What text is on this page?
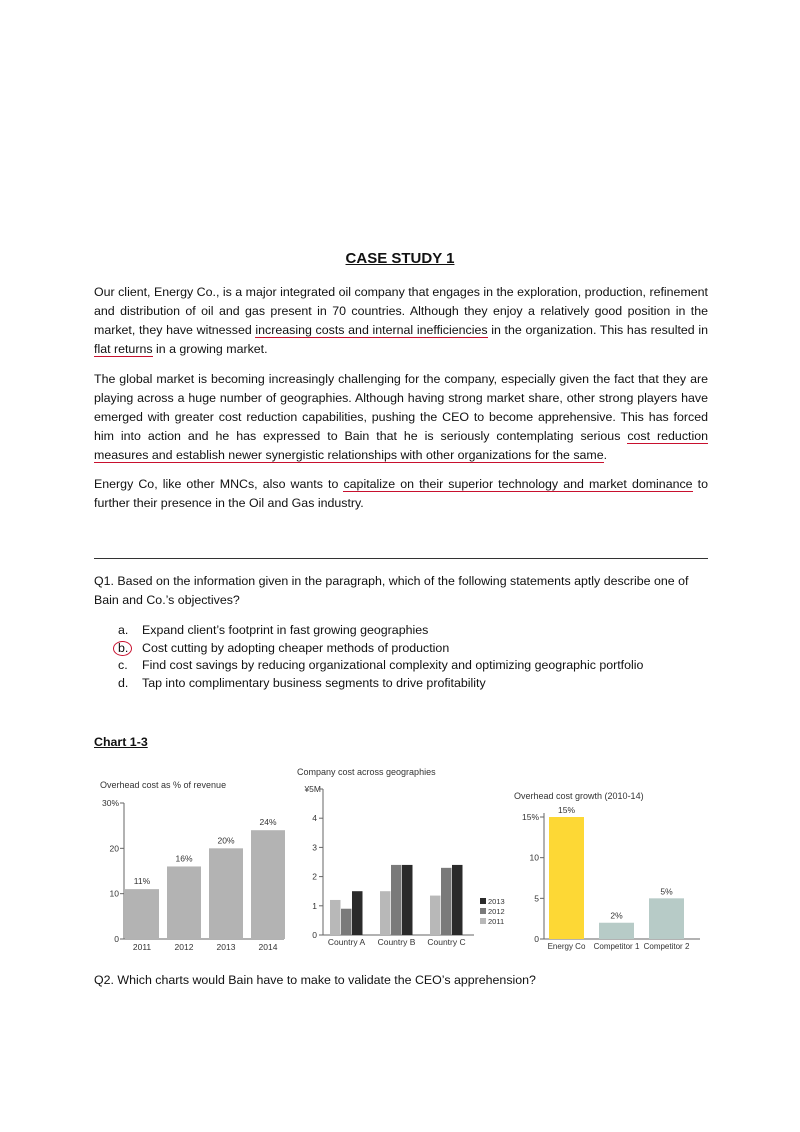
CASE STUDY 1

Our client, Energy Co., is a major integrated oil company that engages in the exploration, production, refinement and distribution of oil and gas present in 70 countries. Although they enjoy a relatively good position in the market, they have witnessed increasing costs and internal inefficiencies in the organization. This has resulted in flat returns in a growing market.

The global market is becoming increasingly challenging for the company, especially given the fact that they are playing across a huge number of geographies. Although having strong market share, other strong players have emerged with greater cost reduction capabilities, pushing the CEO to become apprehensive. This has forced him into action and he has expressed to Bain that he is seriously contemplating serious cost reduction measures and establish newer synergistic relationships with other organizations for the same.

Energy Co, like other MNCs, also wants to capitalize on their superior technology and market dominance to further their presence in the Oil and Gas industry.

Q1. Based on the information given in the paragraph, which of the following statements aptly describe one of Bain and Co.’s objectives?

a. Expand client’s footprint in fast growing geographies
b. Cost cutting by adopting cheaper methods of production
c. Find cost savings by reducing organizational complexity and optimizing geographic portfolio
d. Tap into complimentary business segments to drive profitability
Chart 1-3
Overhead cost as % of revenue
0
10
20
30%
11%
2011
16%
2012
20%
2013
24%
2014
Company cost across geographies
¥5M
0
1
2
3
4
Country A Country B Country C
2013
2012
2011
Overhead cost growth (2010-14)
0
5
10
15%
15%
Energy Co
2%
Competitor 1
5%
Competitor 2
Q2. Which charts would Bain have to make to validate the CEO’s apprehension?
